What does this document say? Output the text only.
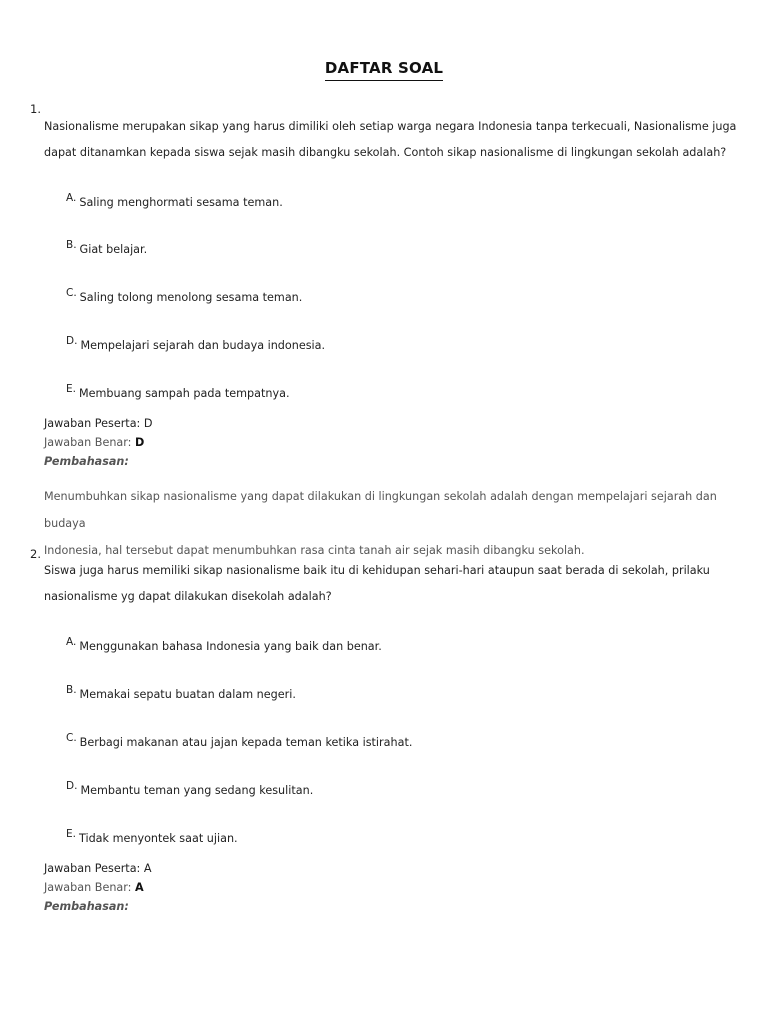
DAFTAR SOAL
1.
Nasionalisme merupakan sikap yang harus dimiliki oleh setiap warga negara Indonesia tanpa terkecuali, Nasionalisme juga
dapat ditanamkan kepada siswa sejak masih dibangku sekolah. Contoh sikap nasionalisme di lingkungan sekolah adalah?
A. Saling menghormati sesama teman.
B. Giat belajar.
C. Saling tolong menolong sesama teman.
D. Mempelajari sejarah dan budaya indonesia.
E. Membuang sampah pada tempatnya.
Jawaban Peserta: D
Jawaban Benar: D
Pembahasan:
Menumbuhkan sikap nasionalisme yang dapat dilakukan di lingkungan sekolah adalah dengan mempelajari sejarah dan budaya
Indonesia, hal tersebut dapat menumbuhkan rasa cinta tanah air sejak masih dibangku sekolah.
2.
Siswa juga harus memiliki sikap nasionalisme baik itu di kehidupan sehari-hari ataupun saat berada di sekolah, prilaku
nasionalisme yg dapat dilakukan disekolah adalah?
A. Menggunakan bahasa Indonesia yang baik dan benar.
B. Memakai sepatu buatan dalam negeri.
C. Berbagi makanan atau jajan kepada teman ketika istirahat.
D. Membantu teman yang sedang kesulitan.
E. Tidak menyontek saat ujian.
Jawaban Peserta: A
Jawaban Benar: A
Pembahasan:
